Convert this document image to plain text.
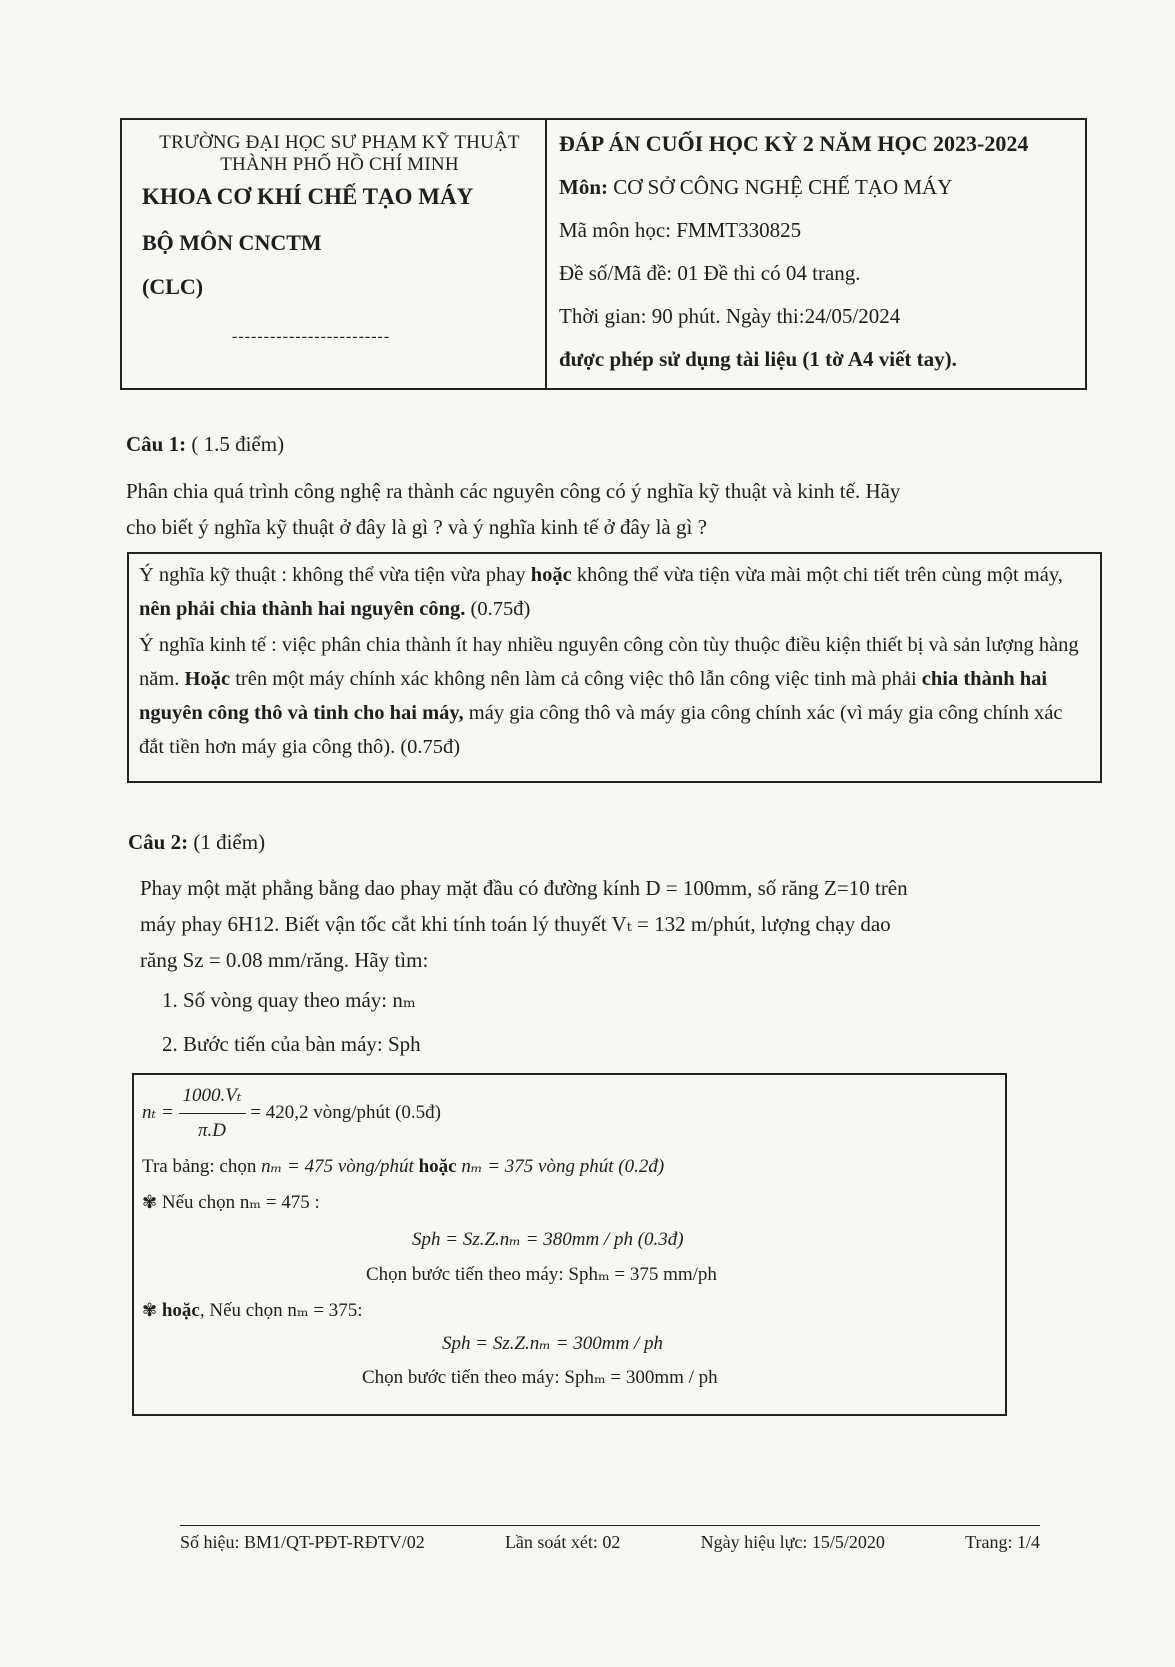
TRƯỜNG ĐẠI HỌC SƯ PHẠM KỸ THUẬT
THÀNH PHỐ HỒ CHÍ MINH
KHOA CƠ KHÍ CHẾ TẠO MÁY
BỘ MÔN CNCTM
(CLC)
-------------------------
ĐÁP ÁN CUỐI HỌC KỲ 2 NĂM HỌC 2023-2024
Môn: CƠ SỞ CÔNG NGHỆ CHẾ TẠO MÁY
Mã môn học: FMMT330825
Đề số/Mã đề: 01 Đề thi có 04 trang.
Thời gian: 90 phút. Ngày thi:24/05/2024
được phép sử dụng tài liệu (1 tờ A4 viết tay).
Câu 1: ( 1.5 điểm)
Phân chia quá trình công nghệ ra thành các nguyên công có ý nghĩa kỹ thuật và kinh tế. Hãy
cho biết ý nghĩa kỹ thuật ở đây là gì ? và ý nghĩa kinh tế ở đây là gì ?

Ý nghĩa kỹ thuật : không thể vừa tiện vừa phay hoặc không thể vừa tiện vừa mài một chi tiết trên cùng một máy, nên phải chia thành hai nguyên công. (0.75đ)

Ý nghĩa kinh tế : việc phân chia thành ít hay nhiều nguyên công còn tùy thuộc điều kiện thiết bị và sản lượng hàng năm. Hoặc trên một máy chính xác không nên làm cả công việc thô lẫn công việc tinh mà phải chia thành hai nguyên công thô và tinh cho hai máy, máy gia công thô và máy gia công chính xác (vì máy gia công chính xác đắt tiền hơn máy gia công thô). (0.75đ)

Câu 2: (1 điểm)
Phay một mặt phẳng bằng dao phay mặt đầu có đường kính D = 100mm, số răng Z=10 trên
máy phay 6H12. Biết vận tốc cắt khi tính toán lý thuyết Vₜ = 132 m/phút, lượng chạy dao
răng Sz = 0.08 mm/răng. Hãy tìm:
1. Số vòng quay theo máy: nₘ
2. Bước tiến của bàn máy: Sph
$n_t = \frac{\text{1000.Vₜ}}{\pi.D} = 420,2$ vòng/phút (0.5đ)
Tra bảng: chọn nₘ = 475 vòng/phút hoặc nₘ = 375 vòng phút (0.2đ)
✾ Nếu chọn nₘ = 475 :
Sph = Sz.Z.nₘ = 380mm / ph (0.3đ)
Chọn bước tiến theo máy: Sphₘ = 375 mm/ph
✾ hoặc, Nếu chọn nₘ = 375:
Sph = Sz.Z.nₘ = 300mm / ph
Chọn bước tiến theo máy: Sphₘ = 300mm / ph
Số hiệu: BM1/QT-PĐT-RĐTV/02	Lần soát xét: 02	Ngày hiệu lực: 15/5/2020	Trang: 1/4
